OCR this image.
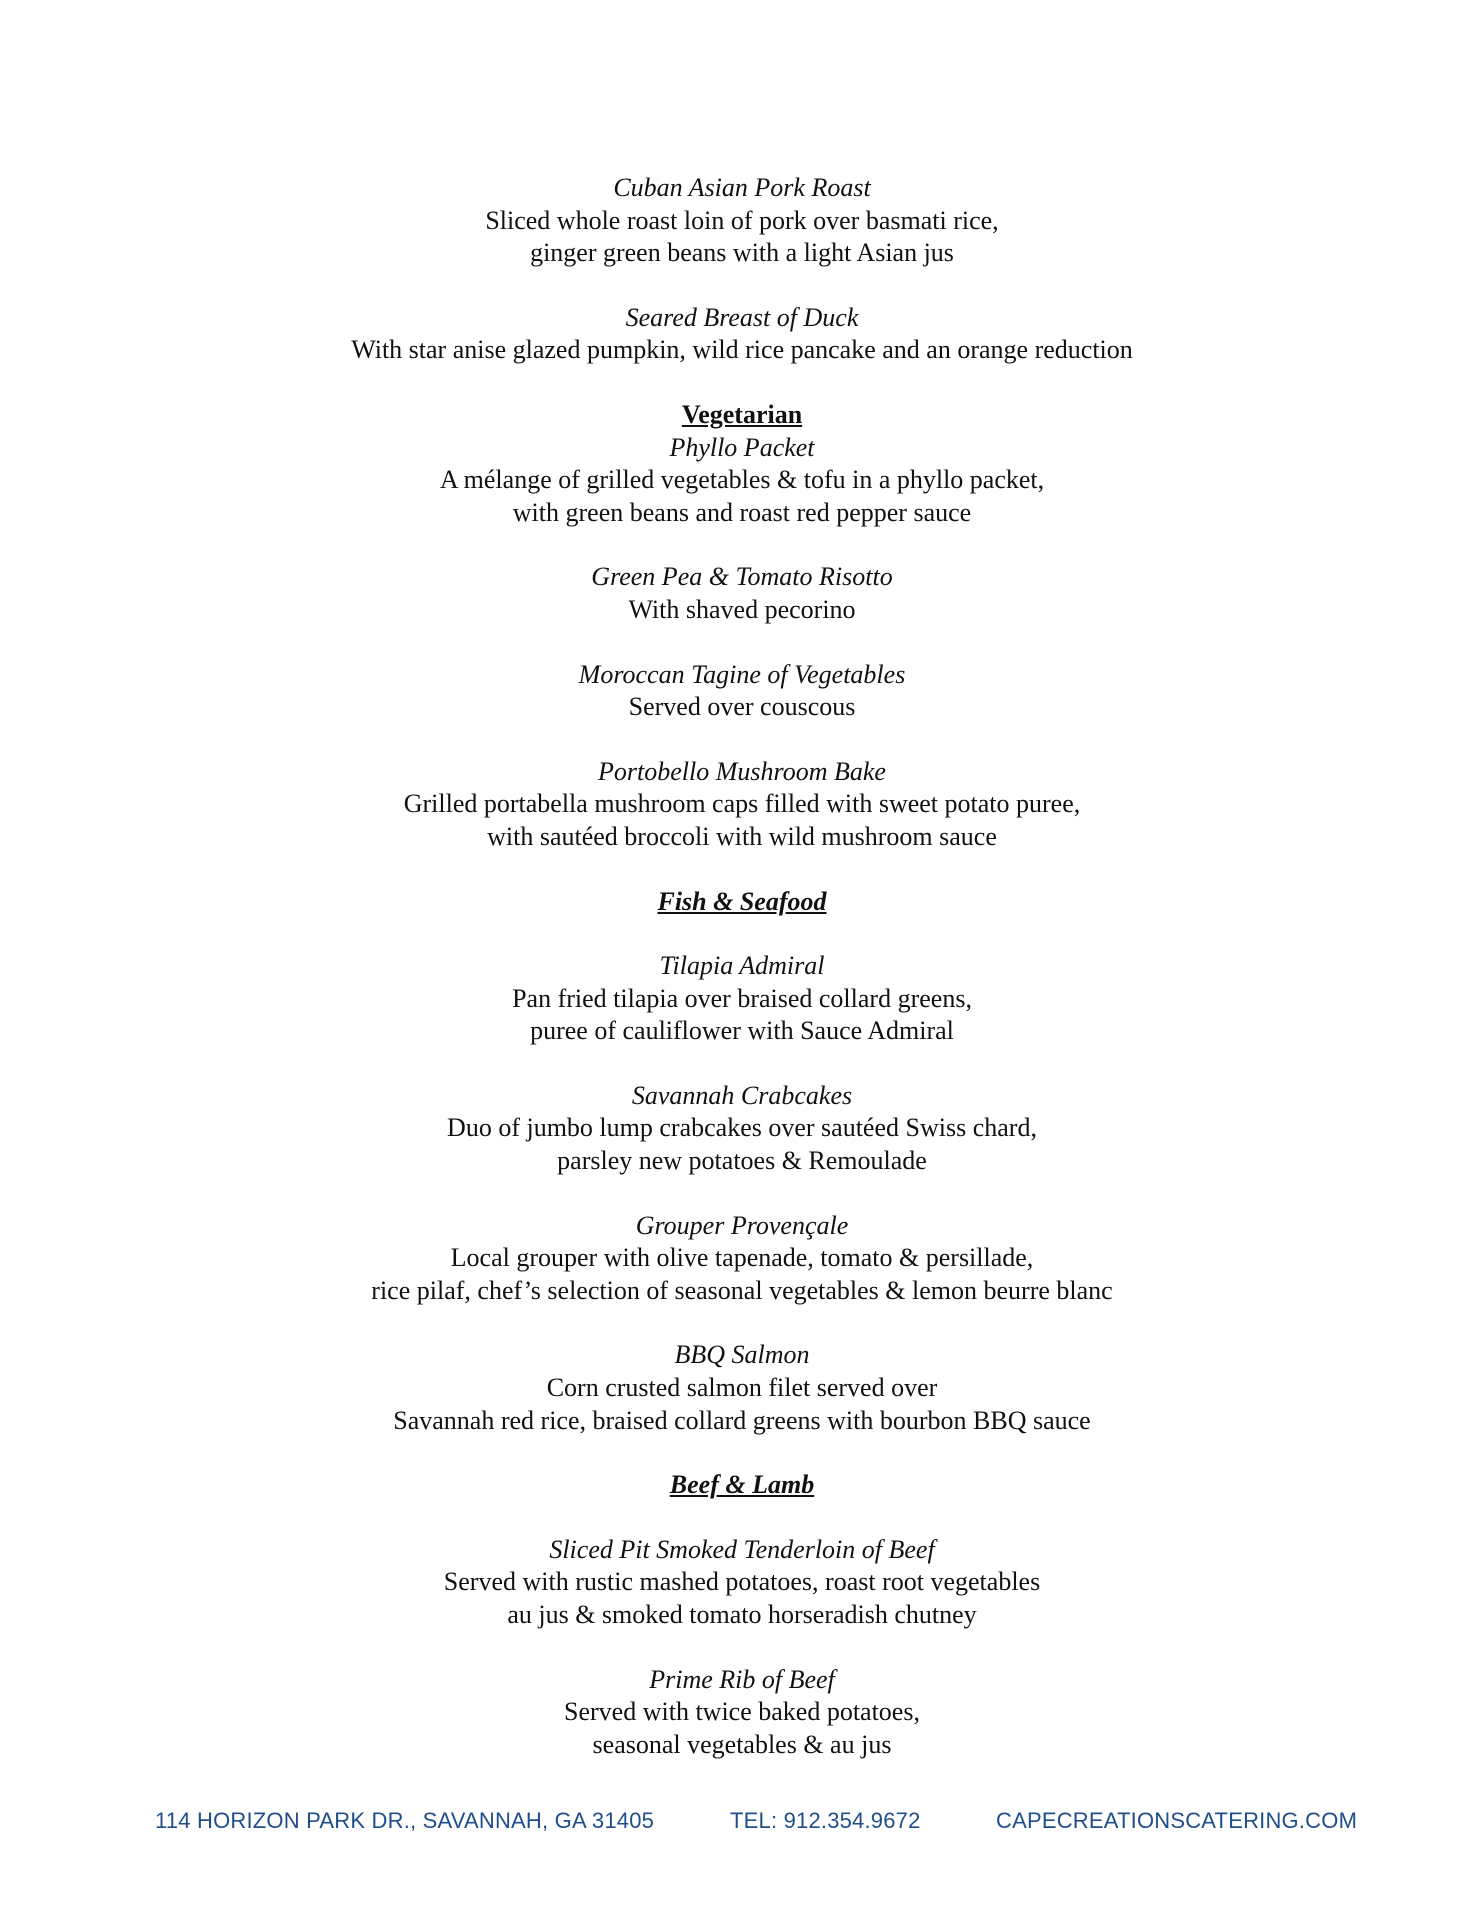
Cuban Asian Pork Roast
Sliced whole roast loin of pork over basmati rice,
ginger green beans with a light Asian jus
Seared Breast of Duck
With star anise glazed pumpkin, wild rice pancake and an orange reduction
Vegetarian
Phyllo Packet
A mélange of grilled vegetables & tofu in a phyllo packet,
with green beans and roast red pepper sauce
Green Pea & Tomato Risotto
With shaved pecorino
Moroccan Tagine of Vegetables
Served over couscous
Portobello Mushroom Bake
Grilled portabella mushroom caps filled with sweet potato puree,
with sautéed broccoli with wild mushroom sauce
Fish & Seafood
Tilapia Admiral
Pan fried tilapia over braised collard greens,
puree of cauliflower with Sauce Admiral
Savannah Crabcakes
Duo of jumbo lump crabcakes over sautéed Swiss chard,
parsley new potatoes & Remoulade
Grouper Provençale
Local grouper with olive tapenade, tomato & persillade,
rice pilaf, chef’s selection of seasonal vegetables & lemon beurre blanc
BBQ Salmon
Corn crusted salmon filet served over
Savannah red rice, braised collard greens with bourbon BBQ sauce
Beef & Lamb
Sliced Pit Smoked Tenderloin of Beef
Served with rustic mashed potatoes, roast root vegetables
au jus & smoked tomato horseradish chutney
Prime Rib of Beef
Served with twice baked potatoes,
seasonal vegetables & au jus
114 HORIZON PARK DR., SAVANNAH, GA 31405	TEL: 912.354.9672	CAPECREATIONSCATERING.COM
